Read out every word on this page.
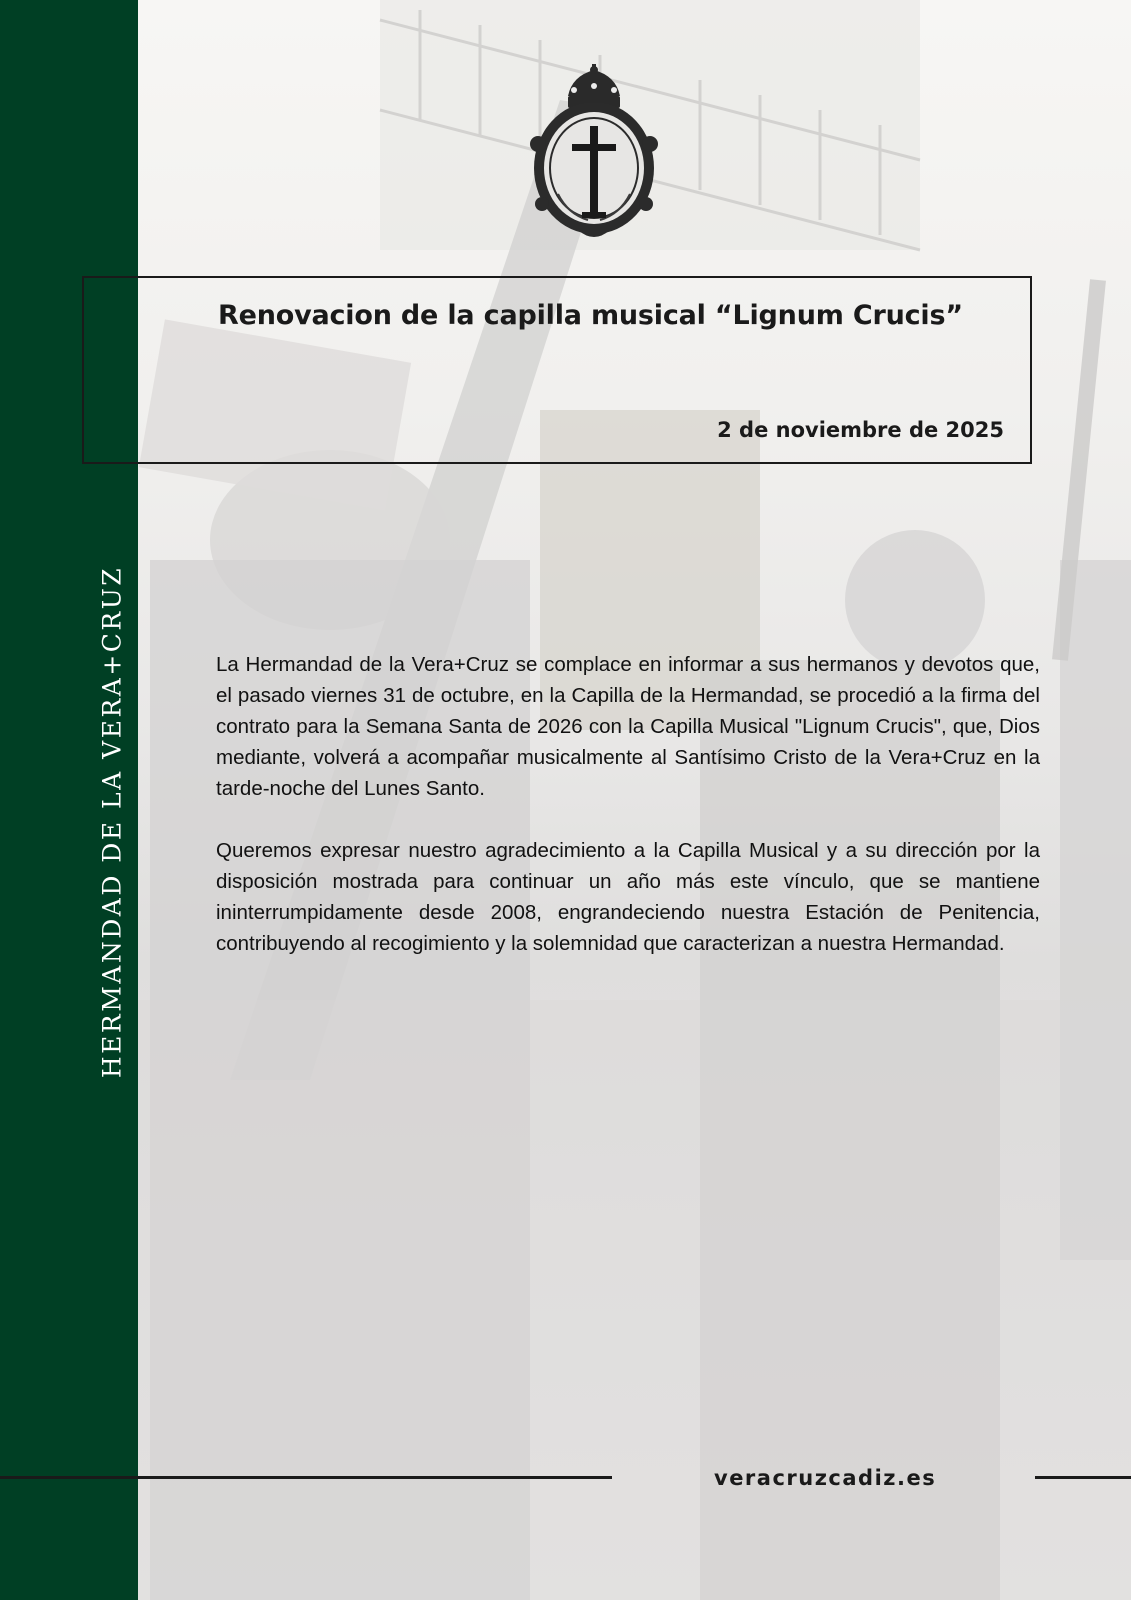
HERMANDAD DE LA VERA+CRUZ
Renovacion de la capilla musical “Lignum Crucis”

2 de noviembre de 2025

La Hermandad de la Vera+Cruz se complace en informar a sus hermanos y devotos que, el pasado viernes 31 de octubre, en la Capilla de la Hermandad, se procedió a la firma del contrato para la Semana Santa de 2026 con la Capilla Musical "Lignum Crucis", que, Dios mediante, volverá a acompañar musicalmente al Santísimo Cristo de la Vera+Cruz en la tarde-noche del Lunes Santo.

Queremos expresar nuestro agradecimiento a la Capilla Musical y a su dirección por la disposición mostrada para continuar un año más este vínculo, que se mantiene ininterrumpidamente desde 2008, engrandeciendo nuestra Estación de Penitencia, contribuyendo al recogimiento y la solemnidad que caracterizan a nuestra Hermandad.

veracruzcadiz.es
